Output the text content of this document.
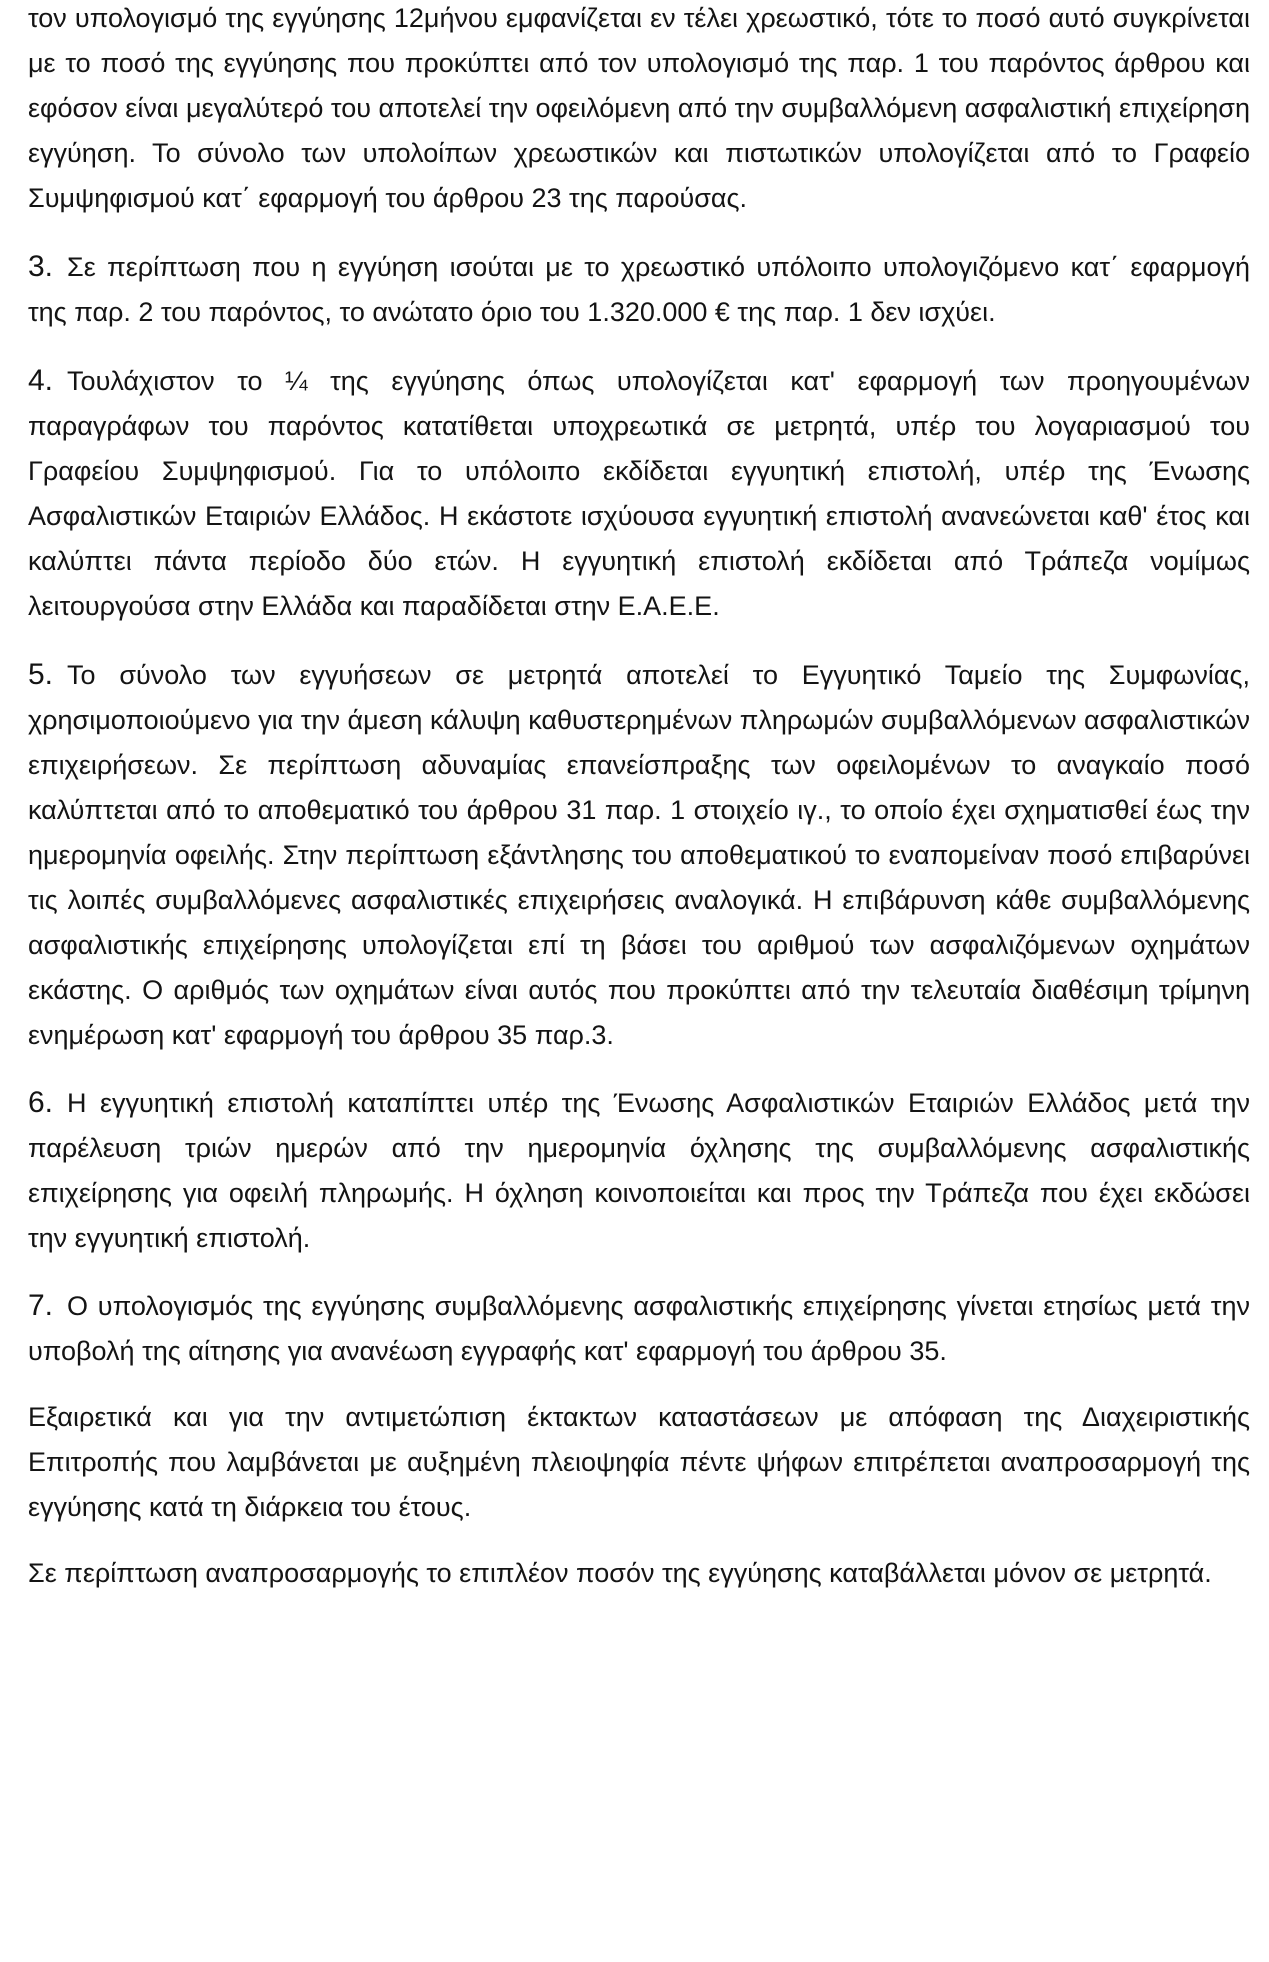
τον υπολογισμό της εγγύησης 12μήνου εμφανίζεται εν τέλει χρεωστικό, τότε το ποσό αυτό συγκρίνεται με το ποσό της εγγύησης που προκύπτει από τον υπολογισμό της παρ. 1 του παρόντος άρθρου και εφόσον είναι μεγαλύτερό του αποτελεί την οφειλόμενη από την συμβαλλόμενη ασφαλιστική επιχείρηση εγγύηση. Το σύνολο των υπολοίπων χρεωστικών και πιστωτικών υπολογίζεται από το Γραφείο Συμψηφισμού κατ΄ εφαρμογή του άρθρου 23 της παρούσας.

3. Σε περίπτωση που η εγγύηση ισούται με το χρεωστικό υπόλοιπο υπολογιζόμενο κατ΄ εφαρμογή της παρ. 2 του παρόντος, το ανώτατο όριο του 1.320.000 € της παρ. 1 δεν ισχύει.

4. Τουλάχιστον το ¼ της εγγύησης όπως υπολογίζεται κατ' εφαρμογή των προηγουμένων παραγράφων του παρόντος κατατίθεται υποχρεωτικά σε μετρητά, υπέρ του λογαριασμού του Γραφείου Συμψηφισμού. Για το υπόλοιπο εκδίδεται εγγυητική επιστολή, υπέρ της Ένωσης Ασφαλιστικών Εταιριών Ελλάδος. Η εκάστοτε ισχύουσα εγγυητική επιστολή ανανεώνεται καθ' έτος και καλύπτει πάντα περίοδο δύο ετών. Η εγγυητική επιστολή εκδίδεται από Τράπεζα νομίμως λειτουργούσα στην Ελλάδα και παραδίδεται στην Ε.Α.Ε.Ε.

5. Το σύνολο των εγγυήσεων σε μετρητά αποτελεί το Εγγυητικό Ταμείο της Συμφωνίας, χρησιμοποιούμενο για την άμεση κάλυψη καθυστερημένων πληρωμών συμβαλλόμενων ασφαλιστικών επιχειρήσεων. Σε περίπτωση αδυναμίας επανείσπραξης των οφειλομένων το αναγκαίο ποσό καλύπτεται από το αποθεματικό του άρθρου 31 παρ. 1 στοιχείο ιγ., το οποίο έχει σχηματισθεί έως την ημερομηνία οφειλής. Στην περίπτωση εξάντλησης του αποθεματικού το εναπομείναν ποσό επιβαρύνει τις λοιπές συμβαλλόμενες ασφαλιστικές επιχειρήσεις αναλογικά. Η επιβάρυνση κάθε συμβαλλόμενης ασφαλιστικής επιχείρησης υπολογίζεται επί τη βάσει του αριθμού των ασφαλιζόμενων οχημάτων εκάστης. Ο αριθμός των οχημάτων είναι αυτός που προκύπτει από την τελευταία διαθέσιμη τρίμηνη ενημέρωση κατ' εφαρμογή του άρθρου 35 παρ.3.

6. Η εγγυητική επιστολή καταπίπτει υπέρ της Ένωσης Ασφαλιστικών Εταιριών Ελλάδος μετά την παρέλευση τριών ημερών από την ημερομηνία όχλησης της συμβαλλόμενης ασφαλιστικής επιχείρησης για οφειλή πληρωμής. Η όχληση κοινοποιείται και προς την Τράπεζα που έχει εκδώσει την εγγυητική επιστολή.

7. Ο υπολογισμός της εγγύησης συμβαλλόμενης ασφαλιστικής επιχείρησης γίνεται ετησίως μετά την υποβολή της αίτησης για ανανέωση εγγραφής κατ' εφαρμογή του άρθρου 35.

Εξαιρετικά και για την αντιμετώπιση έκτακτων καταστάσεων με απόφαση της Διαχειριστικής Επιτροπής που λαμβάνεται με αυξημένη πλειοψηφία πέντε ψήφων επιτρέπεται αναπροσαρμογή της εγγύησης κατά τη διάρκεια του έτους.

Σε περίπτωση αναπροσαρμογής το επιπλέον ποσόν της εγγύησης καταβάλλεται μόνον σε μετρητά.
